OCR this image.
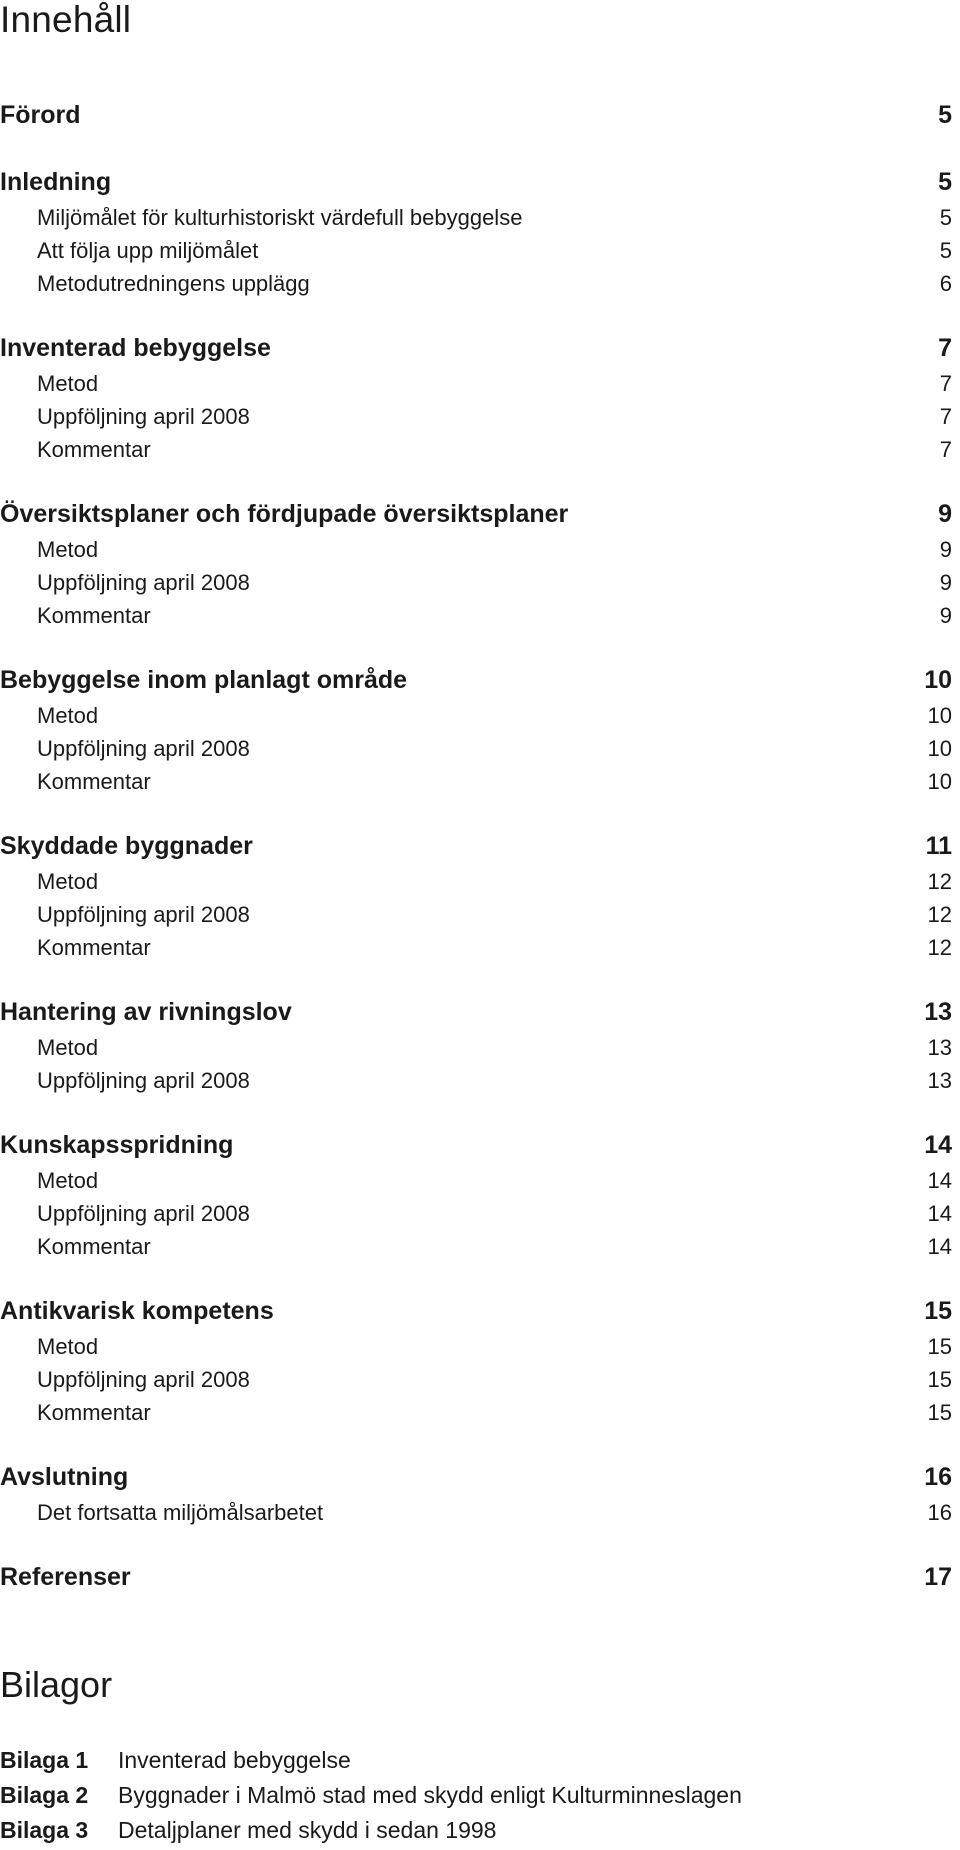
Innehåll
Förord	5
Inledning	5
Miljömålet för kulturhistoriskt värdefull bebyggelse	5
Att följa upp miljömålet	5
Metodutredningens upplägg	6
Inventerad bebyggelse	7
Metod	7
Uppföljning april 2008	7
Kommentar	7
Översiktsplaner och fördjupade översiktsplaner	9
Metod	9
Uppföljning april 2008	9
Kommentar	9
Bebyggelse inom planlagt område	10
Metod	10
Uppföljning april 2008	10
Kommentar	10
Skyddade byggnader	11
Metod	12
Uppföljning april 2008	12
Kommentar	12
Hantering av rivningslov	13
Metod	13
Uppföljning april 2008	13
Kunskapsspridning	14
Metod	14
Uppföljning april 2008	14
Kommentar	14
Antikvarisk kompetens	15
Metod	15
Uppföljning april 2008	15
Kommentar	15
Avslutning	16
Det fortsatta miljömålsarbetet	16
Referenser	17
Bilagor
Bilaga 1	Inventerad bebyggelse
Bilaga 2	Byggnader i Malmö stad med skydd enligt Kulturminneslagen
Bilaga 3	Detaljplaner med skydd i sedan 1998
